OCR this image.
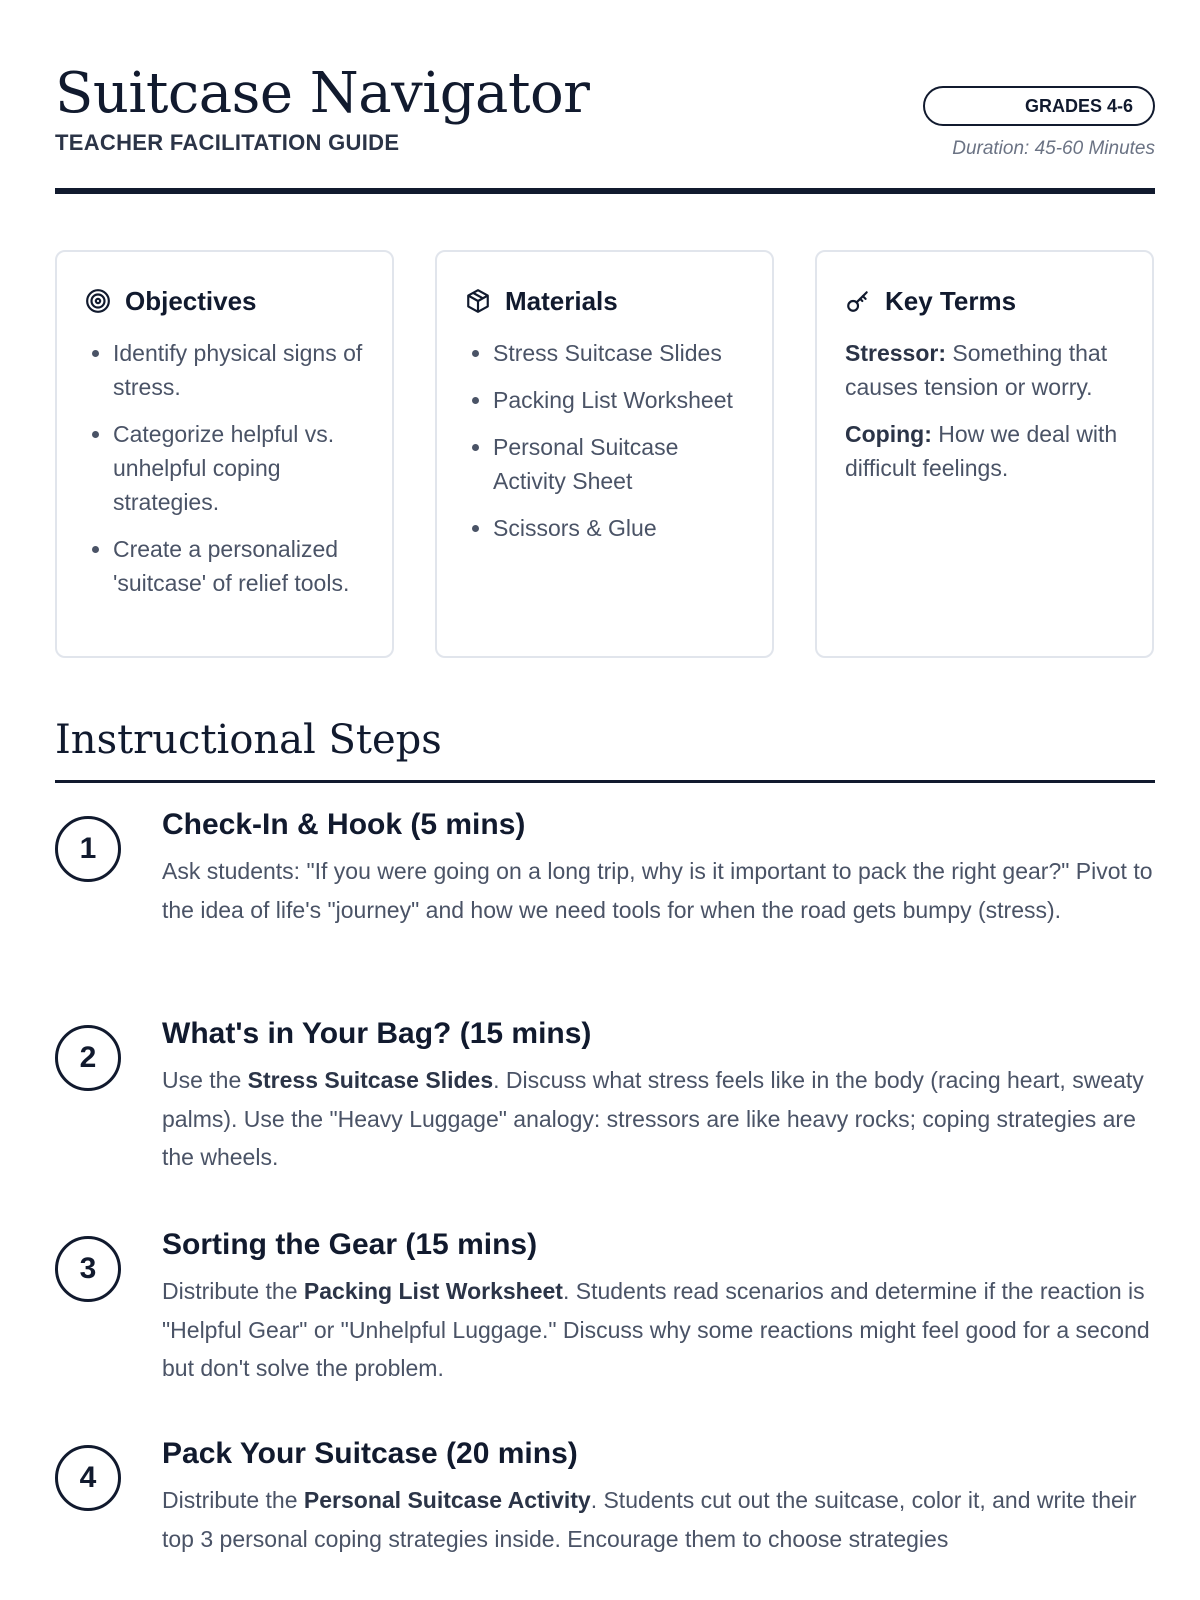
Suitcase Navigator
TEACHER FACILITATION GUIDE
GRADES 4-6
Duration: 45-60 Minutes
Objectives
• Identify physical signs of stress.
• Categorize helpful vs. unhelpful coping strategies.
• Create a personalized 'suitcase' of relief tools.
Materials
• Stress Suitcase Slides
• Packing List Worksheet
• Personal Suitcase Activity Sheet
• Scissors & Glue
Key Terms

Stressor: Something that causes tension or worry.

Coping: How we deal with difficult feelings.

Instructional Steps
1
Check-In & Hook (5 mins)
Ask students: "If you were going on a long trip, why is it important to pack the right gear?" Pivot to the idea of life's "journey" and how we need tools for when the road gets bumpy (stress).
2
What's in Your Bag? (15 mins)
Use the Stress Suitcase Slides. Discuss what stress feels like in the body (racing heart, sweaty palms). Use the "Heavy Luggage" analogy: stressors are like heavy rocks; coping strategies are the wheels.
3
Sorting the Gear (15 mins)
Distribute the Packing List Worksheet. Students read scenarios and determine if the reaction is "Helpful Gear" or "Unhelpful Luggage." Discuss why some reactions might feel good for a second but don't solve the problem.
4
Pack Your Suitcase (20 mins)
Distribute the Personal Suitcase Activity. Students cut out the suitcase, color it, and write their top 3 personal coping strategies inside. Encourage them to choose strategies
